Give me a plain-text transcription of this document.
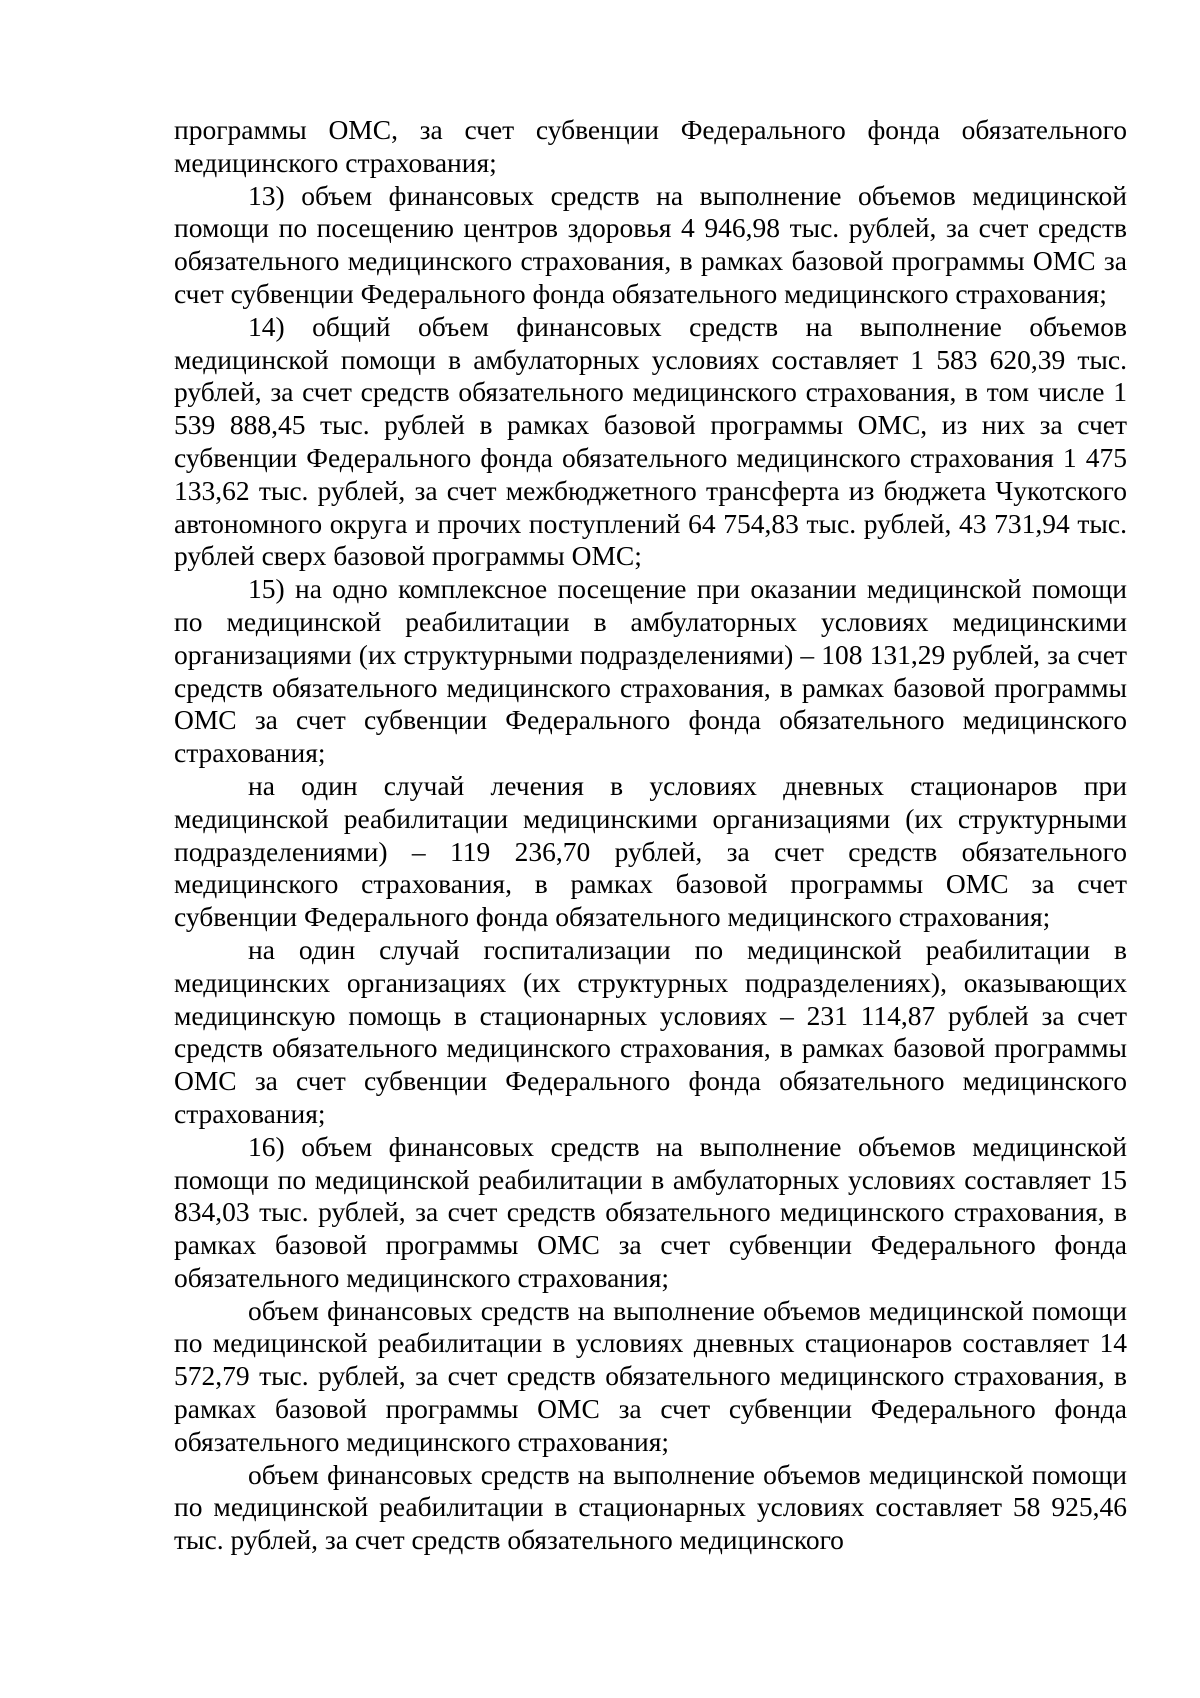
программы ОМС, за счет субвенции Федерального фонда обязательного медицинского страхования;

13) объем финансовых средств на выполнение объемов медицинской помощи по посещению центров здоровья 4 946,98 тыс. рублей, за счет средств обязательного медицинского страхования, в рамках базовой программы ОМС за счет субвенции Федерального фонда обязательного медицинского страхования;

14) общий объем финансовых средств на выполнение объемов медицинской помощи в амбулаторных условиях составляет 1 583 620,39 тыс. рублей, за счет средств обязательного медицинского страхования, в том числе 1 539 888,45 тыс. рублей в рамках базовой программы ОМС, из них за счет субвенции Федерального фонда обязательного медицинского страхования 1 475 133,62 тыс. рублей, за счет межбюджетного трансферта из бюджета Чукотского автономного округа и прочих поступлений 64 754,83 тыс. рублей, 43 731,94 тыс. рублей сверх базовой программы ОМС;

15) на одно комплексное посещение при оказании медицинской помощи по медицинской реабилитации в амбулаторных условиях медицинскими организациями (их структурными подразделениями) – 108 131,29 рублей, за счет средств обязательного медицинского страхования, в рамках базовой программы ОМС за счет субвенции Федерального фонда обязательного медицинского страхования;

на один случай лечения в условиях дневных стационаров при медицинской реабилитации медицинскими организациями (их структурными подразделениями) – 119 236,70 рублей, за счет средств обязательного медицинского страхования, в рамках базовой программы ОМС за счет субвенции Федерального фонда обязательного медицинского страхования;

на один случай госпитализации по медицинской реабилитации в медицинских организациях (их структурных подразделениях), оказывающих медицинскую помощь в стационарных условиях – 231 114,87 рублей за счет средств обязательного медицинского страхования, в рамках базовой программы ОМС за счет субвенции Федерального фонда обязательного медицинского страхования;

16) объем финансовых средств на выполнение объемов медицинской помощи по медицинской реабилитации в амбулаторных условиях составляет 15 834,03 тыс. рублей, за счет средств обязательного медицинского страхования, в рамках базовой программы ОМС за счет субвенции Федерального фонда обязательного медицинского страхования;

объем финансовых средств на выполнение объемов медицинской помощи по медицинской реабилитации в условиях дневных стационаров составляет 14 572,79 тыс. рублей, за счет средств обязательного медицинского страхования, в рамках базовой программы ОМС за счет субвенции Федерального фонда обязательного медицинского страхования;

объем финансовых средств на выполнение объемов медицинской помощи по медицинской реабилитации в стационарных условиях составляет 58 925,46 тыс. рублей, за счет средств обязательного медицинского
